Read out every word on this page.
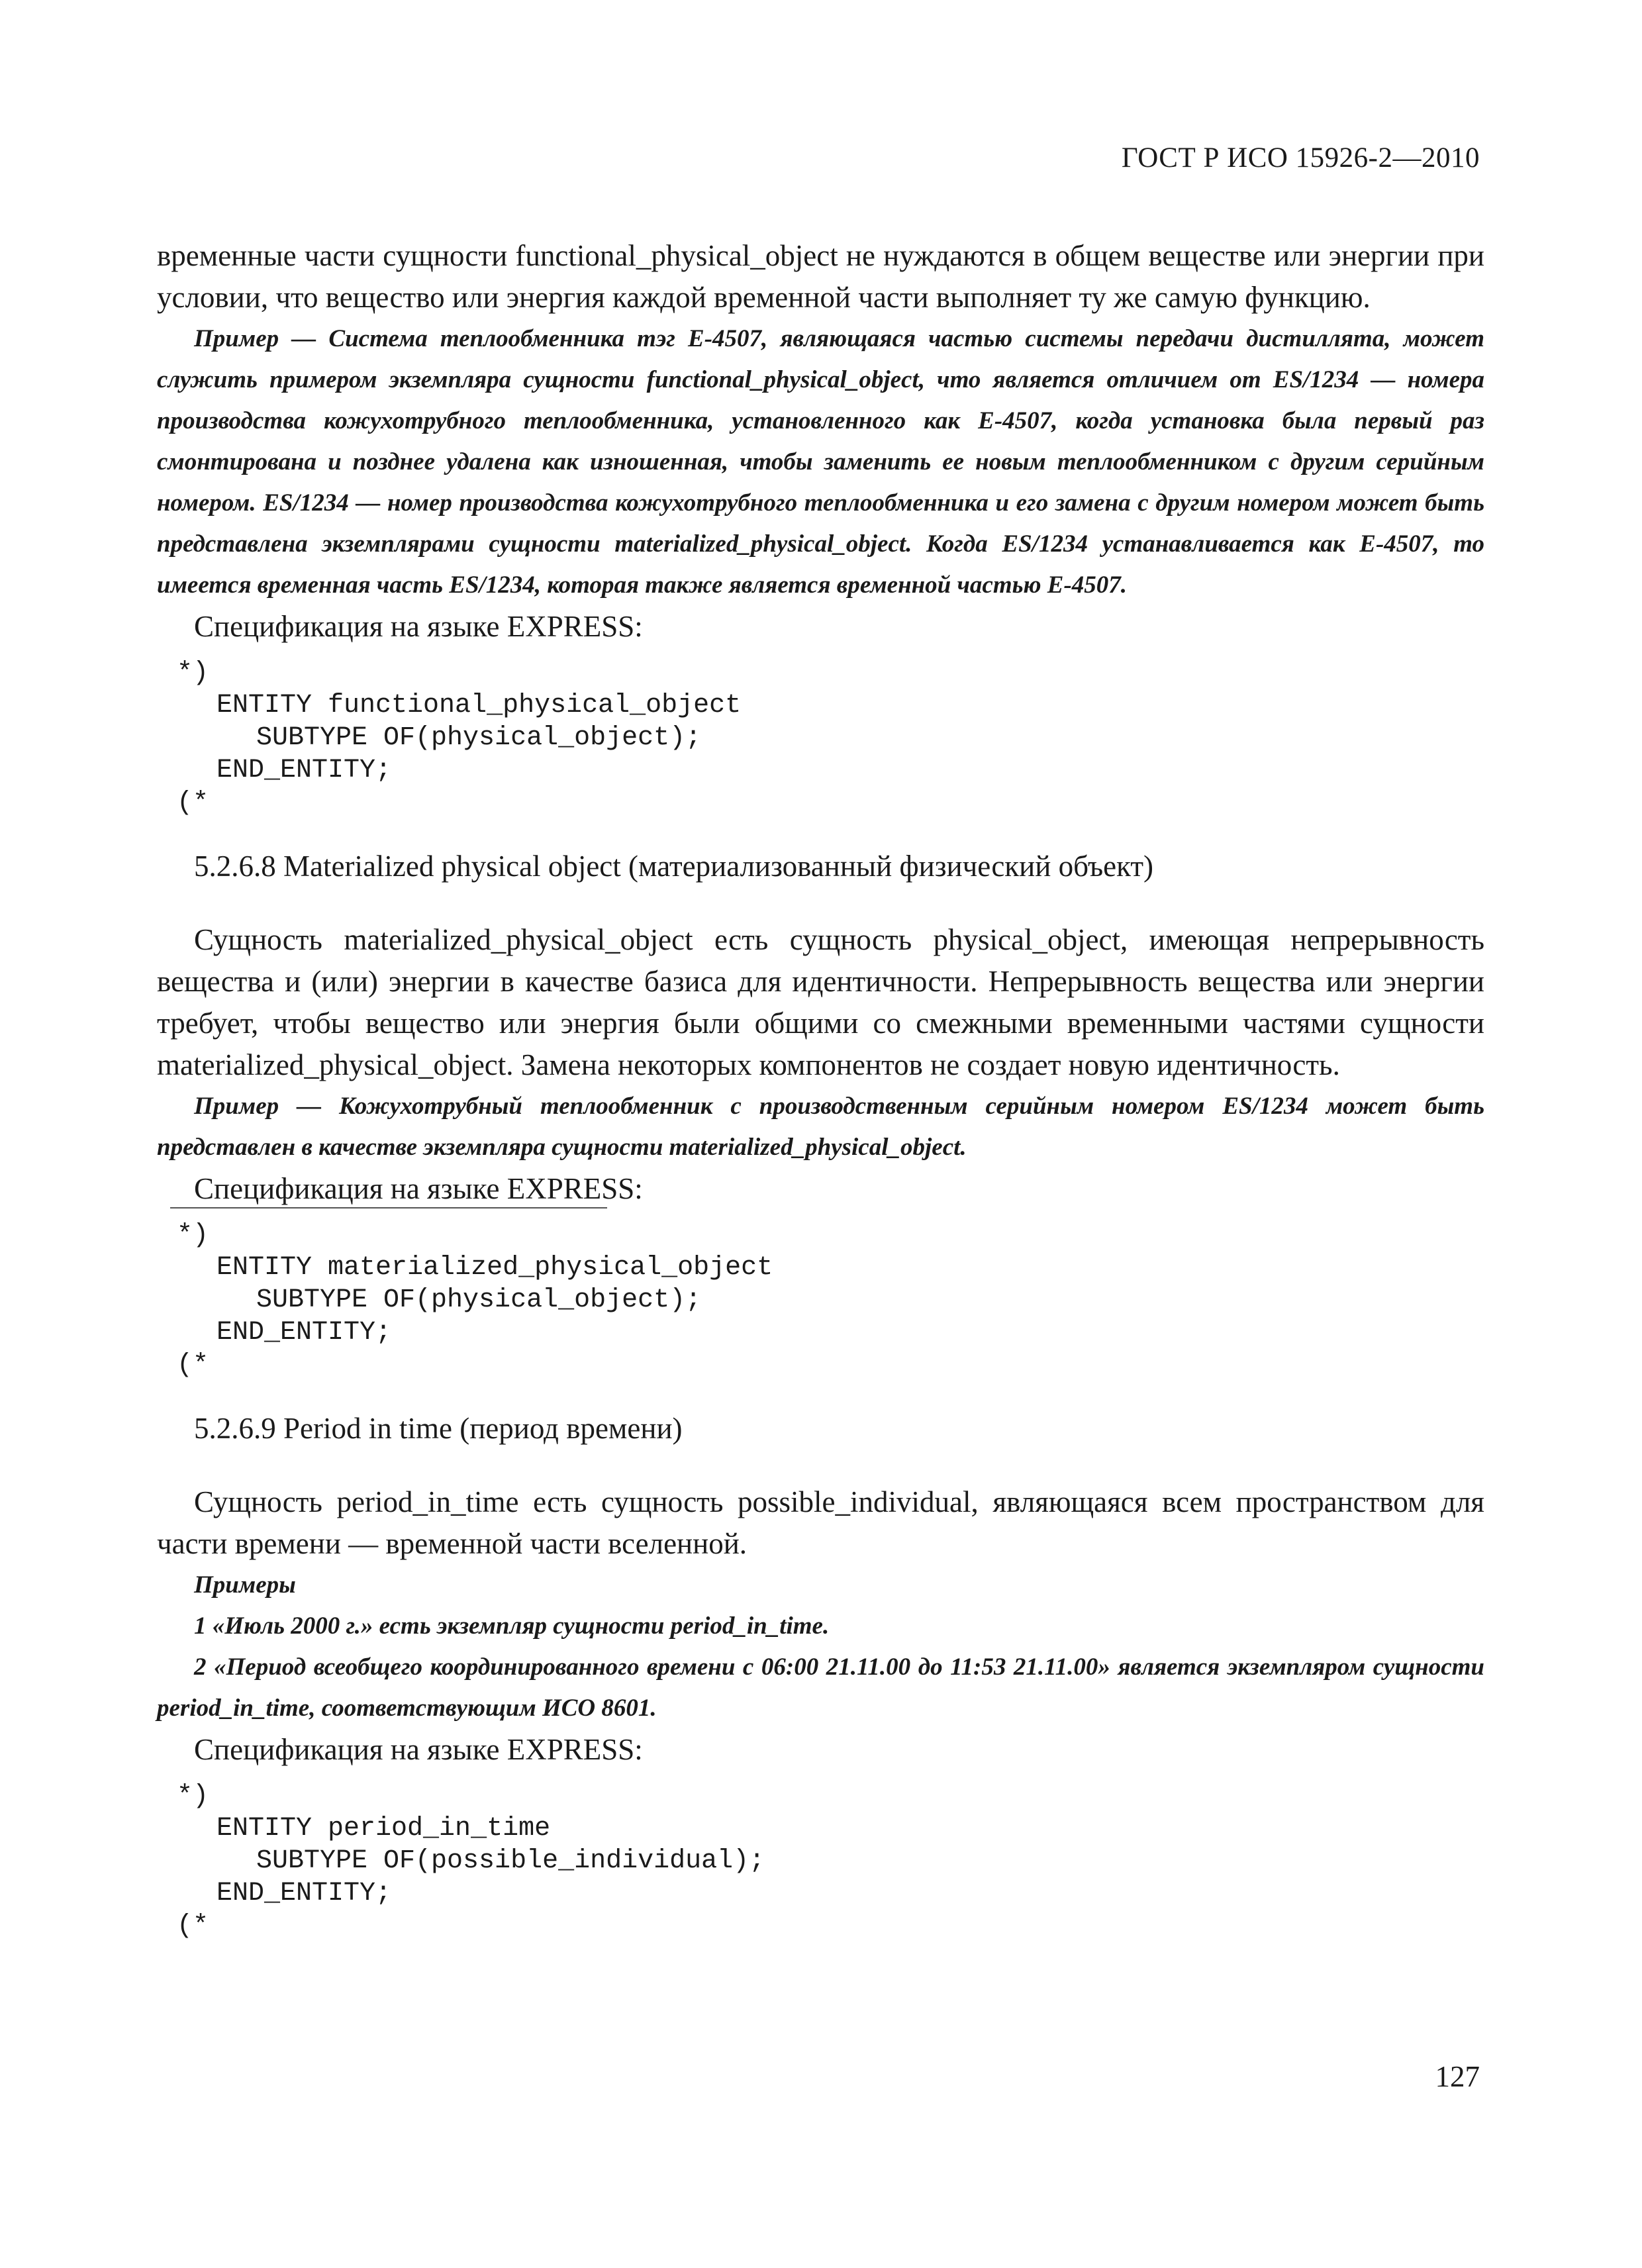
ГОСТ Р ИСО 15926-2—2010

временные части сущности functional_physical_object не нуждаются в общем веществе или энергии при условии, что вещество или энергия каждой временной части выполняет ту же самую функцию.

Пример — Система теплообменника тэг E-4507, являющаяся частью системы передачи дистиллята, может служить примером экземпляра сущности functional_physical_object, что является отличием от ES/1234 — номера производства кожухотрубного теплообменника, установленного как E-4507, когда установка была первый раз смонтирована и позднее удалена как изношенная, чтобы заменить ее новым теплообменником с другим серийным номером. ES/1234 — номер производства кожухотрубного теплообменника и его замена с другим номером может быть представлена экземплярами сущности materialized_physical_object. Когда ES/1234 устанавливается как E-4507, то имеется временная часть ES/1234, которая также является временной частью E-4507.

Спецификация на языке EXPRESS:

*)
ENTITY functional_physical_object
SUBTYPE OF(physical_object);
END_ENTITY;
(*

5.2.6.8 Materialized physical object (материализованный физический объект)

Сущность materialized_physical_object есть сущность physical_object, имеющая непрерывность вещества и (или) энергии в качестве базиса для идентичности. Непрерывность вещества или энергии требует, чтобы вещество или энергия были общими со смежными временными частями сущности materialized_physical_object. Замена некоторых компонентов не создает новую идентичность.

Пример — Кожухотрубный теплообменник с производственным серийным номером ES/1234 может быть представлен в качестве экземпляра сущности materialized_physical_object.

Спецификация на языке EXPRESS:

*)
ENTITY materialized_physical_object
SUBTYPE OF(physical_object);
END_ENTITY;
(*

5.2.6.9 Period in time (период времени)

Сущность period_in_time есть сущность possible_individual, являющаяся всем пространством для части времени — временной части вселенной.

Примеры

1 «Июль 2000 г.» есть экземпляр сущности period_in_time.

2 «Период всеобщего координированного времени с 06:00 21.11.00 до 11:53 21.11.00» является экземпляром сущности period_in_time, соответствующим ИСО 8601.

Спецификация на языке EXPRESS:

*)
ENTITY period_in_time
SUBTYPE OF(possible_individual);
END_ENTITY;
(*
127
